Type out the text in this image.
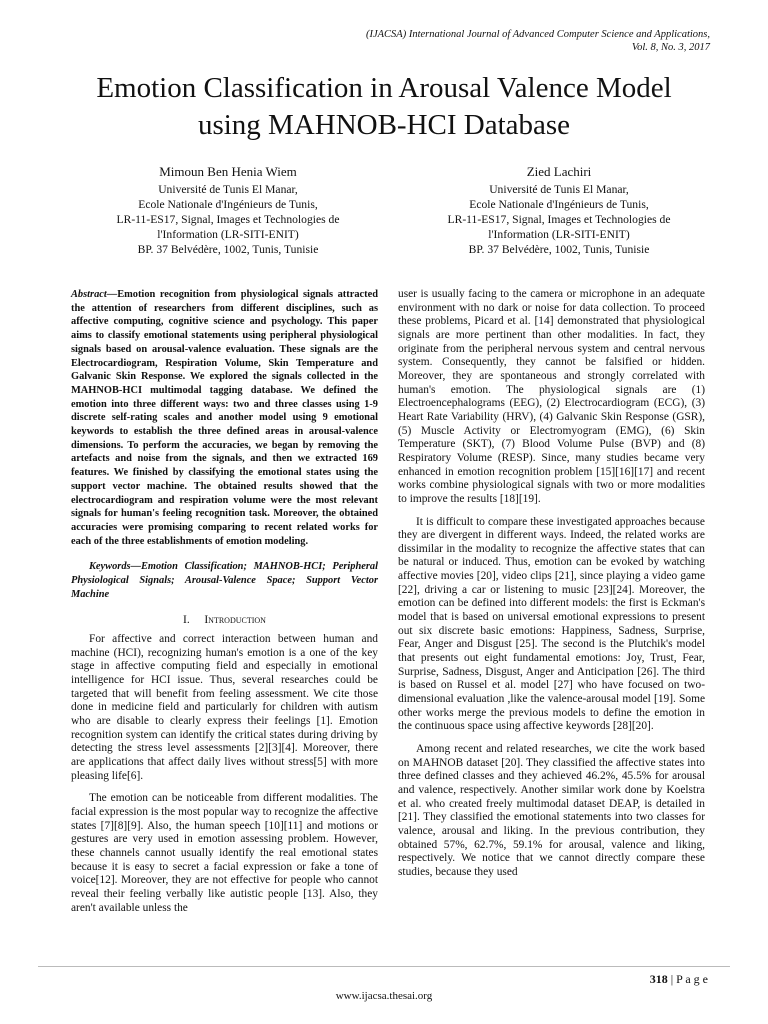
(IJACSA) International Journal of Advanced Computer Science and Applications,
Vol. 8, No. 3, 2017
Emotion Classification in Arousal Valence Model
using MAHNOB-HCI Database
Mimoun Ben Henia Wiem
Université de Tunis El Manar,
Ecole Nationale d'Ingénieurs de Tunis,
LR-11-ES17, Signal, Images et Technologies de
l'Information (LR-SITI-ENIT)
BP. 37 Belvédère, 1002, Tunis, Tunisie
Zied Lachiri
Université de Tunis El Manar,
Ecole Nationale d'Ingénieurs de Tunis,
LR-11-ES17, Signal, Images et Technologies de
l'Information (LR-SITI-ENIT)
BP. 37 Belvédère, 1002, Tunis, Tunisie

Abstract—Emotion recognition from physiological signals attracted the attention of researchers from different disciplines, such as affective computing, cognitive science and psychology. This paper aims to classify emotional statements using peripheral physiological signals based on arousal-valence evaluation. These signals are the Electrocardiogram, Respiration Volume, Skin Temperature and Galvanic Skin Response. We explored the signals collected in the MAHNOB-HCI multimodal tagging database. We defined the emotion into three different ways: two and three classes using 1-9 discrete self-rating scales and another model using 9 emotional keywords to establish the three defined areas in arousal-valence dimensions. To perform the accuracies, we began by removing the artefacts and noise from the signals, and then we extracted 169 features. We finished by classifying the emotional states using the support vector machine. The obtained results showed that the electrocardiogram and respiration volume were the most relevant signals for human's feeling recognition task. Moreover, the obtained accuracies were promising comparing to recent related works for each of the three establishments of emotion modeling.

Keywords—Emotion Classification; MAHNOB-HCI; Peripheral Physiological Signals; Arousal-Valence Space; Support Vector Machine

I. Introduction

For affective and correct interaction between human and machine (HCI), recognizing human's emotion is a one of the key stage in affective computing field and especially in emotional intelligence for HCI issue. Thus, several researches could be targeted that will benefit from feeling assessment. We cite those done in medicine field and particularly for children with autism who are disable to clearly express their feelings [1]. Emotion recognition system can identify the critical states during driving by detecting the stress level assessments [2][3][4]. Moreover, there are applications that affect daily lives without stress[5] with more pleasing life[6].

The emotion can be noticeable from different modalities. The facial expression is the most popular way to recognize the affective states [7][8][9]. Also, the human speech [10][11] and motions or gestures are very used in emotion assessing problem. However, these channels cannot usually identify the real emotional states because it is easy to secret a facial expression or fake a tone of voice[12]. Moreover, they are not effective for people who cannot reveal their feeling verbally like autistic people [13]. Also, they aren't available unless the

user is usually facing to the camera or microphone in an adequate environment with no dark or noise for data collection. To proceed these problems, Picard et al. [14] demonstrated that physiological signals are more pertinent than other modalities. In fact, they originate from the peripheral nervous system and central nervous system. Consequently, they cannot be falsified or hidden. Moreover, they are spontaneous and strongly correlated with human's emotion. The physiological signals are (1) Electroencephalograms (EEG), (2) Electrocardiogram (ECG), (3) Heart Rate Variability (HRV), (4) Galvanic Skin Response (GSR), (5) Muscle Activity or Electromyogram (EMG), (6) Skin Temperature (SKT), (7) Blood Volume Pulse (BVP) and (8) Respiratory Volume (RESP). Since, many studies became very enhanced in emotion recognition problem [15][16][17] and recent works combine physiological signals with two or more modalities to improve the results [18][19].

It is difficult to compare these investigated approaches because they are divergent in different ways. Indeed, the related works are dissimilar in the modality to recognize the affective states that can be natural or induced. Thus, emotion can be evoked by watching affective movies [20], video clips [21], since playing a video game [22], driving a car or listening to music [23][24]. Moreover, the emotion can be defined into different models: the first is Eckman's model that is based on universal emotional expressions to present out six discrete basic emotions: Happiness, Sadness, Surprise, Fear, Anger and Disgust [25]. The second is the Plutchik's model that presents out eight fundamental emotions: Joy, Trust, Fear, Surprise, Sadness, Disgust, Anger and Anticipation [26]. The third is based on Russel et al. model [27] who have focused on two-dimensional evaluation ,like the valence-arousal model [19]. Some other works merge the previous models to define the emotion in the continuous space using affective keywords [28][20].

Among recent and related researches, we cite the work based on MAHNOB dataset [20]. They classified the affective states into three defined classes and they achieved 46.2%, 45.5% for arousal and valence, respectively. Another similar work done by Koelstra et al. who created freely multimodal dataset DEAP, is detailed in [21]. They classified the emotional statements into two classes for valence, arousal and liking. In the previous contribution, they obtained 57%, 62.7%, 59.1% for arousal, valence and liking, respectively. We notice that we cannot directly compare these studies, because they used

318 | P a g e
www.ijacsa.thesai.org
